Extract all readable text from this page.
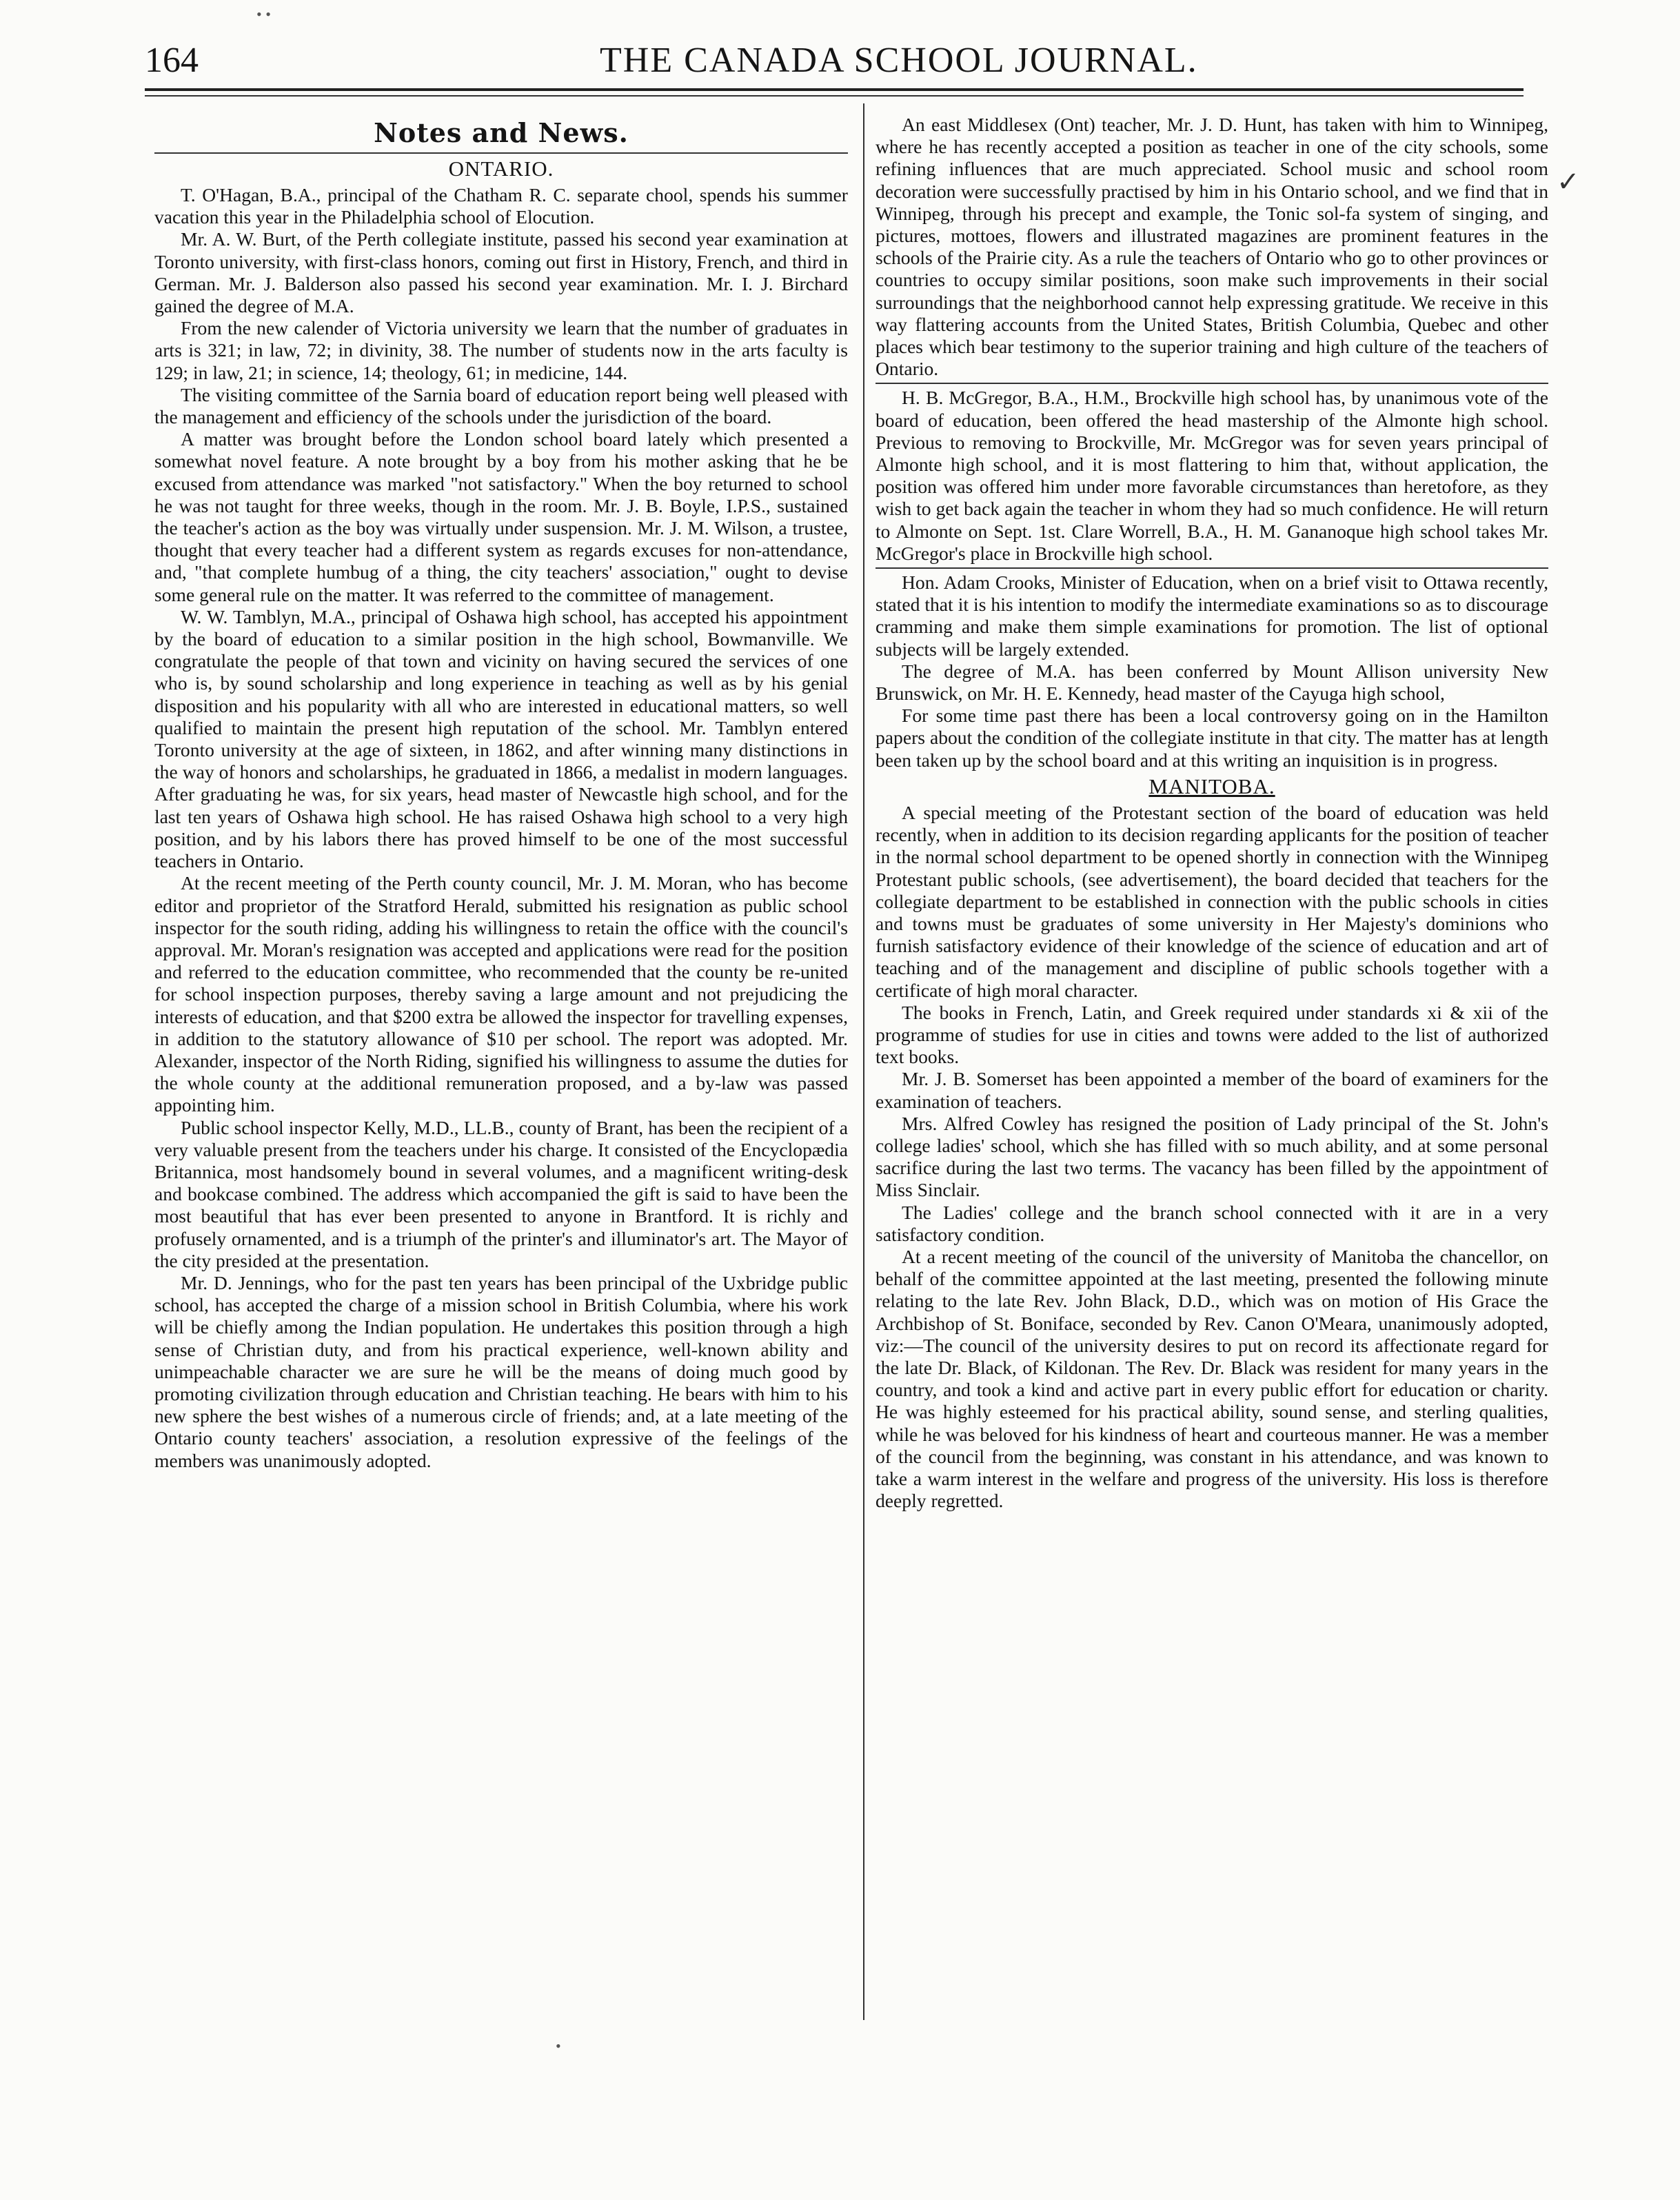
• •
164	THE CANADA SCHOOL JOURNAL.
Notes and News.
ONTARIO.

T. O'Hagan, B.A., principal of the Chatham R. C. separate chool, spends his summer vacation this year in the Philadelphia school of Elocution.

Mr. A. W. Burt, of the Perth collegiate institute, passed his second year examination at Toronto university, with first-class honors, coming out first in History, French, and third in German. Mr. J. Balderson also passed his second year examination. Mr. I. J. Birchard gained the degree of M.A.

From the new calender of Victoria university we learn that the number of graduates in arts is 321; in law, 72; in divinity, 38. The number of students now in the arts faculty is 129; in law, 21; in science, 14; theology, 61; in medicine, 144.

The visiting committee of the Sarnia board of education report being well pleased with the management and efficiency of the schools under the jurisdiction of the board.

A matter was brought before the London school board lately which presented a somewhat novel feature. A note brought by a boy from his mother asking that he be excused from attendance was marked "not satisfactory." When the boy returned to school he was not taught for three weeks, though in the room. Mr. J. B. Boyle, I.P.S., sustained the teacher's action as the boy was virtually under suspension. Mr. J. M. Wilson, a trustee, thought that every teacher had a different system as regards excuses for non-attendance, and, "that complete humbug of a thing, the city teachers' association," ought to devise some general rule on the matter. It was referred to the committee of management.

W. W. Tamblyn, M.A., principal of Oshawa high school, has accepted his appointment by the board of education to a similar position in the high school, Bowmanville. We congratulate the people of that town and vicinity on having secured the services of one who is, by sound scholarship and long experience in teaching as well as by his genial disposition and his popularity with all who are interested in educational matters, so well qualified to maintain the present high reputation of the school. Mr. Tamblyn entered Toronto university at the age of sixteen, in 1862, and after winning many distinctions in the way of honors and scholarships, he graduated in 1866, a medalist in modern languages. After graduating he was, for six years, head master of Newcastle high school, and for the last ten years of Oshawa high school. He has raised Oshawa high school to a very high position, and by his labors there has proved himself to be one of the most successful teachers in Ontario.

At the recent meeting of the Perth county council, Mr. J. M. Moran, who has become editor and proprietor of the Stratford Herald, submitted his resignation as public school inspector for the south riding, adding his willingness to retain the office with the council's approval. Mr. Moran's resignation was accepted and applications were read for the position and referred to the education committee, who recommended that the county be re-united for school inspection purposes, thereby saving a large amount and not prejudicing the interests of education, and that $200 extra be allowed the inspector for travelling expenses, in addition to the statutory allowance of $10 per school. The report was adopted. Mr. Alexander, inspector of the North Riding, signified his willingness to assume the duties for the whole county at the additional remuneration proposed, and a by-law was passed appointing him.

Public school inspector Kelly, M.D., LL.B., county of Brant, has been the recipient of a very valuable present from the teachers under his charge. It consisted of the Encyclopædia Britannica, most handsomely bound in several volumes, and a magnificent writing-desk and bookcase combined. The address which accompanied the gift is said to have been the most beautiful that has ever been presented to anyone in Brantford. It is richly and profusely ornamented, and is a triumph of the printer's and illuminator's art. The Mayor of the city presided at the presentation.

Mr. D. Jennings, who for the past ten years has been principal of the Uxbridge public school, has accepted the charge of a mission school in British Columbia, where his work will be chiefly among the Indian population. He undertakes this position through a high sense of Christian duty, and from his practical experience, well-known ability and unimpeachable character we are sure he will be the means of doing much good by promoting civilization through education and Christian teaching. He bears with him to his new sphere the best wishes of a numerous circle of friends; and, at a late meeting of the Ontario county teachers' association, a resolution expressive of the feelings of the members was unanimously adopted.

An east Middlesex (Ont) teacher, Mr. J. D. Hunt, has taken with him to Winnipeg, where he has recently accepted a position as teacher in one of the city schools, some refining influences that are much appreciated. School music and school room decoration were successfully practised by him in his Ontario school, and we find that in Winnipeg, through his precept and example, the Tonic sol-fa system of singing, and pictures, mottoes, flowers and illustrated magazines are prominent features in the schools of the Prairie city. As a rule the teachers of Ontario who go to other provinces or countries to occupy similar positions, soon make such improvements in their social surroundings that the neighborhood cannot help expressing gratitude. We receive in this way flattering accounts from the United States, British Columbia, Quebec and other places which bear testimony to the superior training and high culture of the teachers of Ontario.

H. B. McGregor, B.A., H.M., Brockville high school has, by unanimous vote of the board of education, been offered the head mastership of the Almonte high school. Previous to removing to Brockville, Mr. McGregor was for seven years principal of Almonte high school, and it is most flattering to him that, without application, the position was offered him under more favorable circumstances than heretofore, as they wish to get back again the teacher in whom they had so much confidence. He will return to Almonte on Sept. 1st. Clare Worrell, B.A., H. M. Gananoque high school takes Mr. McGregor's place in Brockville high school.

Hon. Adam Crooks, Minister of Education, when on a brief visit to Ottawa recently, stated that it is his intention to modify the intermediate examinations so as to discourage cramming and make them simple examinations for promotion. The list of optional subjects will be largely extended.

The degree of M.A. has been conferred by Mount Allison university New Brunswick, on Mr. H. E. Kennedy, head master of the Cayuga high school,

For some time past there has been a local controversy going on in the Hamilton papers about the condition of the collegiate institute in that city. The matter has at length been taken up by the school board and at this writing an inquisition is in progress.

MANITOBA.

A special meeting of the Protestant section of the board of education was held recently, when in addition to its decision regarding applicants for the position of teacher in the normal school department to be opened shortly in connection with the Winnipeg Protestant public schools, (see advertisement), the board decided that teachers for the collegiate department to be established in connection with the public schools in cities and towns must be graduates of some university in Her Majesty's dominions who furnish satisfactory evidence of their knowledge of the science of education and art of teaching and of the management and discipline of public schools together with a certificate of high moral character.

The books in French, Latin, and Greek required under standards xi & xii of the programme of studies for use in cities and towns were added to the list of authorized text books.

Mr. J. B. Somerset has been appointed a member of the board of examiners for the examination of teachers.

Mrs. Alfred Cowley has resigned the position of Lady principal of the St. John's college ladies' school, which she has filled with so much ability, and at some personal sacrifice during the last two terms. The vacancy has been filled by the appointment of Miss Sinclair.

The Ladies' college and the branch school connected with it are in a very satisfactory condition.

At a recent meeting of the council of the university of Manitoba the chancellor, on behalf of the committee appointed at the last meeting, presented the following minute relating to the late Rev. John Black, D.D., which was on motion of His Grace the Archbishop of St. Boniface, seconded by Rev. Canon O'Meara, unanimously adopted, viz:—The council of the university desires to put on record its affectionate regard for the late Dr. Black, of Kildonan. The Rev. Dr. Black was resident for many years in the country, and took a kind and active part in every public effort for education or charity. He was highly esteemed for his practical ability, sound sense, and sterling qualities, while he was beloved for his kindness of heart and courteous manner. He was a member of the council from the beginning, was constant in his attendance, and was known to take a warm interest in the welfare and progress of the university. His loss is therefore deeply regretted.

✓
•
